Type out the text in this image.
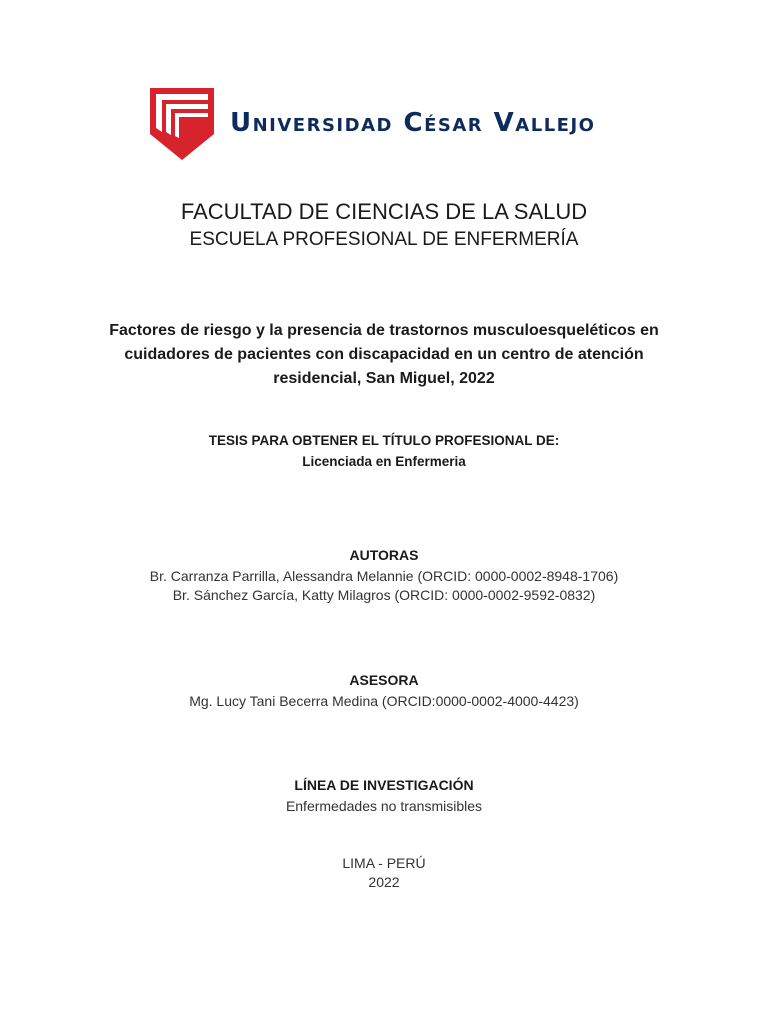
Universidad César Vallejo
FACULTAD DE CIENCIAS DE LA SALUD
ESCUELA PROFESIONAL DE ENFERMERÍA
Factores de riesgo y la presencia de trastornos musculoesqueléticos en
cuidadores de pacientes con discapacidad en un centro de atención
residencial, San Miguel, 2022
TESIS PARA OBTENER EL TÍTULO PROFESIONAL DE:
Licenciada en Enfermeria
AUTORAS
Br. Carranza Parrilla, Alessandra Melannie (ORCID: 0000-0002-8948-1706)
Br. Sánchez García, Katty Milagros (ORCID: 0000-0002-9592-0832)
ASESORA
Mg. Lucy Tani Becerra Medina (ORCID:0000-0002-4000-4423)
LÍNEA DE INVESTIGACIÓN
Enfermedades no transmisibles
LIMA - PERÚ
2022
